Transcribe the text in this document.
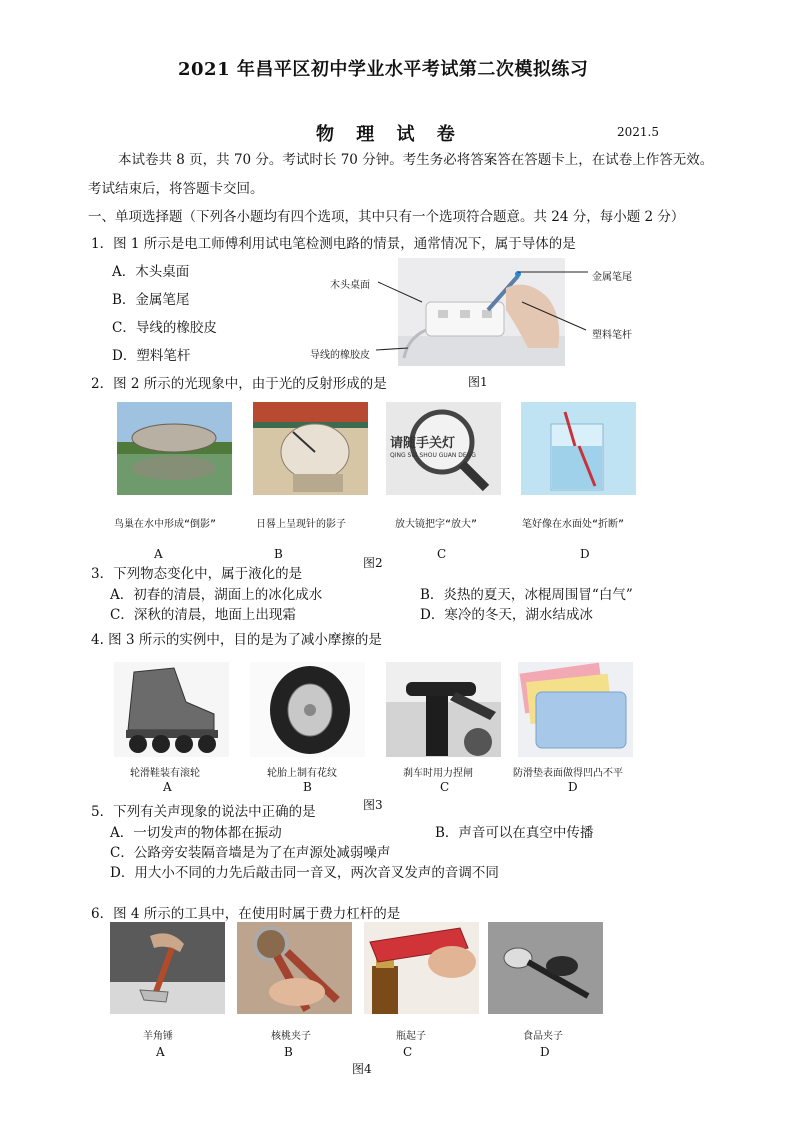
2021 年昌平区初中学业水平考试第二次模拟练习
物 理 试 卷	2021.5
本试卷共 8 页，共 70 分。考试时长 70 分钟。考生务必将答案答在答题卡上，在试卷上作答无效。
考试结束后，将答题卡交回。
一、单项选择题（下列各小题均有四个选项，其中只有一个选项符合题意。共 24 分，每小题 2 分）
1．图 1 所示是电工师傅利用试电笔检测电路的情景，通常情况下，属于导体的是
A．木头桌面
B．金属笔尾
C．导线的橡胶皮
D．塑料笔杆
木头桌面
金属笔尾
塑料笔杆
导线的橡胶皮
图1
2．图 2 所示的光现象中，由于光的反射形成的是
请随手关灯
QING SUI SHOU GUAN DENG
鸟巢在水中形成“倒影”	日晷上呈现针的影子	放大镜把字“放大”	笔好像在水面处“折断”
A	B
图2
C	D
3．下列物态变化中，属于液化的是
A．初春的清晨，湖面上的冰化成水	B．炎热的夏天，冰棍周围冒“白气”
C．深秋的清晨，地面上出现霜	D．寒冷的冬天，湖水结成冰
4. 图 3 所示的实例中，目的是为了减小摩擦的是
轮滑鞋装有滚轮	轮胎上制有花纹	刹车时用力捏闸	防滑垫表面做得凹凸不平
A	B	C	D
5．下列有关声现象的说法中正确的是	图3
A．一切发声的物体都在振动	B．声音可以在真空中传播
C．公路旁安装隔音墙是为了在声源处减弱噪声
D．用大小不同的力先后敲击同一音叉，两次音叉发声的音调不同
6．图 4 所示的工具中，在使用时属于费力杠杆的是
羊角锤	核桃夹子	瓶起子	食品夹子
A	B	C	D
图4
